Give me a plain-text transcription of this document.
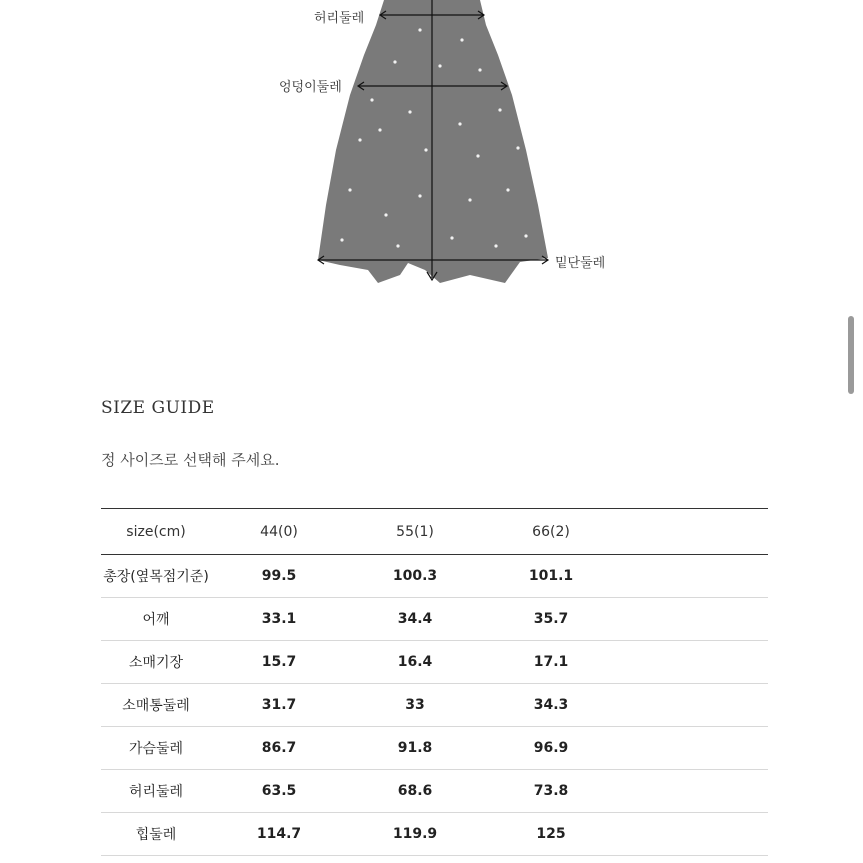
허리둘레
엉덩이둘레
밑단둘레
SIZE GUIDE
정 사이즈로 선택해 주세요.
size(cm)	44(0)	55(1)	66(2)	
총장(옆목점기준)	99.5	100.3	101.1	
어깨	33.1	34.4	35.7	
소매기장	15.7	16.4	17.1	
소매통둘레	31.7	33	34.3	
가슴둘레	86.7	91.8	96.9	
허리둘레	63.5	68.6	73.8	
힙둘레	114.7	119.9	125	
